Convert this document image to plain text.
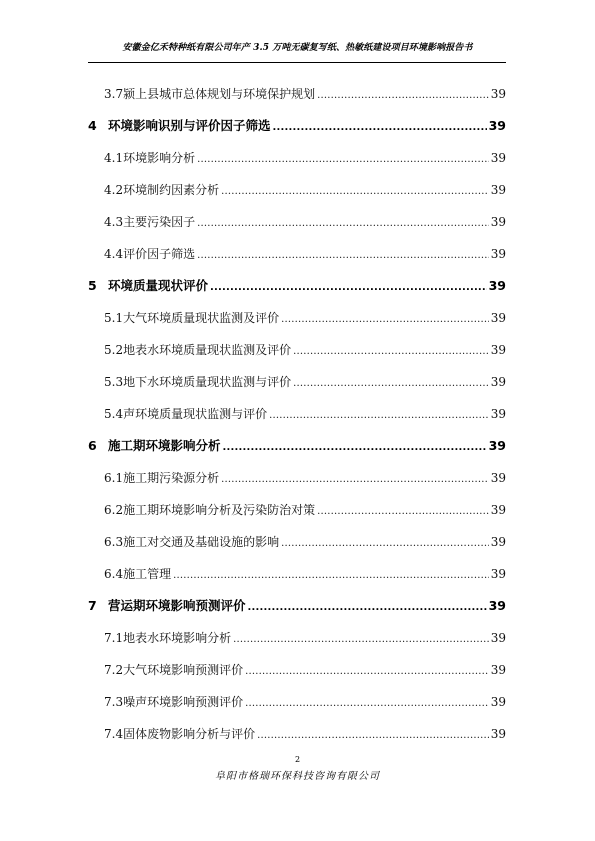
安徽金亿禾特种纸有限公司年产 3.5 万吨无碳复写纸、热敏纸建设项目环境影响报告书
3.7 颍上县城市总体规划与环境保护规划 .....	39
4 环境影响识别与评价因子筛选 .....	39
4.1 环境影响分析 .....	39
4.2 环境制约因素分析 .....	39
4.3 主要污染因子 .....	39
4.4 评价因子筛选 .....	39
5 环境质量现状评价 .....	39
5.1 大气环境质量现状监测及评价 .....	39
5.2 地表水环境质量现状监测及评价 .....	39
5.3 地下水环境质量现状监测与评价 .....	39
5.4 声环境质量现状监测与评价 .....	39
6 施工期环境影响分析 .....	39
6.1 施工期污染源分析 .....	39
6.2 施工期环境影响分析及污染防治对策 .....	39
6.3 施工对交通及基础设施的影响 .....	39
6.4 施工管理 .....	39
7 营运期环境影响预测评价 .....	39
7.1 地表水环境影响分析 .....	39
7.2 大气环境影响预测评价 .....	39
7.3 噪声环境影响预测评价 .....	39
7.4 固体废物影响分析与评价 .....	39
2
阜阳市格瑞环保科技咨询有限公司
